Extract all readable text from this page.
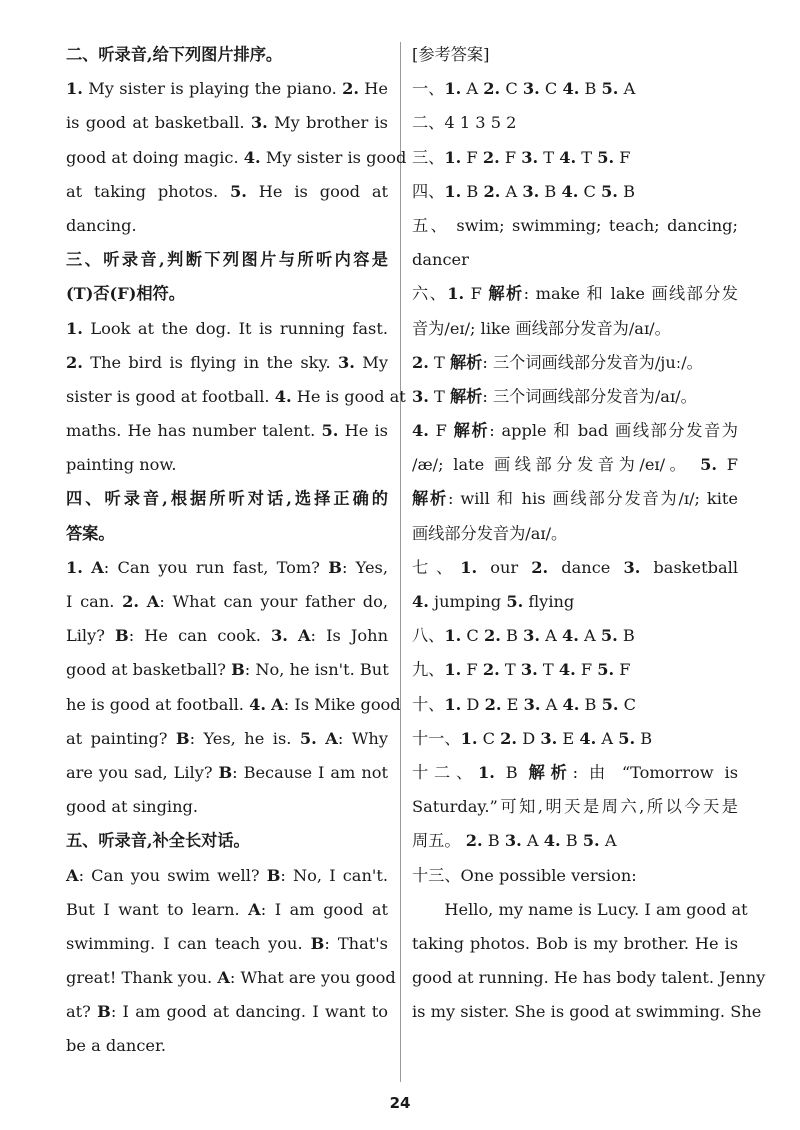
二、听录音,给下列图片排序。
1. My sister is playing the piano. 2. He
is good at basketball. 3. My brother is
good at doing magic. 4. My sister is good
at taking photos. 5. He is good at
dancing.
三、听录音,判断下列图片与所听内容是
(T)否(F)相符。
1. Look at the dog. It is running fast.
2. The bird is flying in the sky. 3. My
sister is good at football. 4. He is good at
maths. He has number talent. 5. He is
painting now.
四、听录音,根据所听对话,选择正确的
答案。
1. A: Can you run fast, Tom? B: Yes,
I can. 2. A: What can your father do,
Lily? B: He can cook. 3. A: Is John
good at basketball? B: No, he isn't. But
he is good at football. 4. A: Is Mike good
at painting? B: Yes, he is. 5. A: Why
are you sad, Lily? B: Because I am not
good at singing.
五、听录音,补全长对话。
A: Can you swim well? B: No, I can't.
But I want to learn. A: I am good at
swimming. I can teach you. B: That's
great! Thank you. A: What are you good
at? B: I am good at dancing. I want to
be a dancer.
[参考答案]
一、1. A 2. C 3. C 4. B 5. A
二、4 1 3 5 2
三、1. F 2. F 3. T 4. T 5. F
四、1. B 2. A 3. B 4. C 5. B
五、 swim; swimming; teach; dancing;
dancer
六、1. F 解析: make 和 lake 画线部分发
音为/eɪ/; like 画线部分发音为/aɪ/。
2. T 解析: 三个词画线部分发音为/juː/。
3. T 解析: 三个词画线部分发音为/aɪ/。
4. F 解析: apple 和 bad 画线部分发音为
/æ/; late 画线部分发音为/eɪ/。 5. F
解析: will 和 his 画线部分发音为/ɪ/; kite
画线部分发音为/aɪ/。
七、1. our 2. dance 3. basketball
4. jumping 5. flying
八、1. C 2. B 3. A 4. A 5. B
九、1. F 2. T 3. T 4. F 5. F
十、1. D 2. E 3. A 4. B 5. C
十一、1. C 2. D 3. E 4. A 5. B
十二、1. B 解析: 由 “Tomorrow is
Saturday.”可知,明天是周六,所以今天是
周五。 2. B 3. A 4. B 5. A
十三、One possible version:
Hello, my name is Lucy. I am good at
taking photos. Bob is my brother. He is
good at running. He has body talent. Jenny
is my sister. She is good at swimming. She
24
